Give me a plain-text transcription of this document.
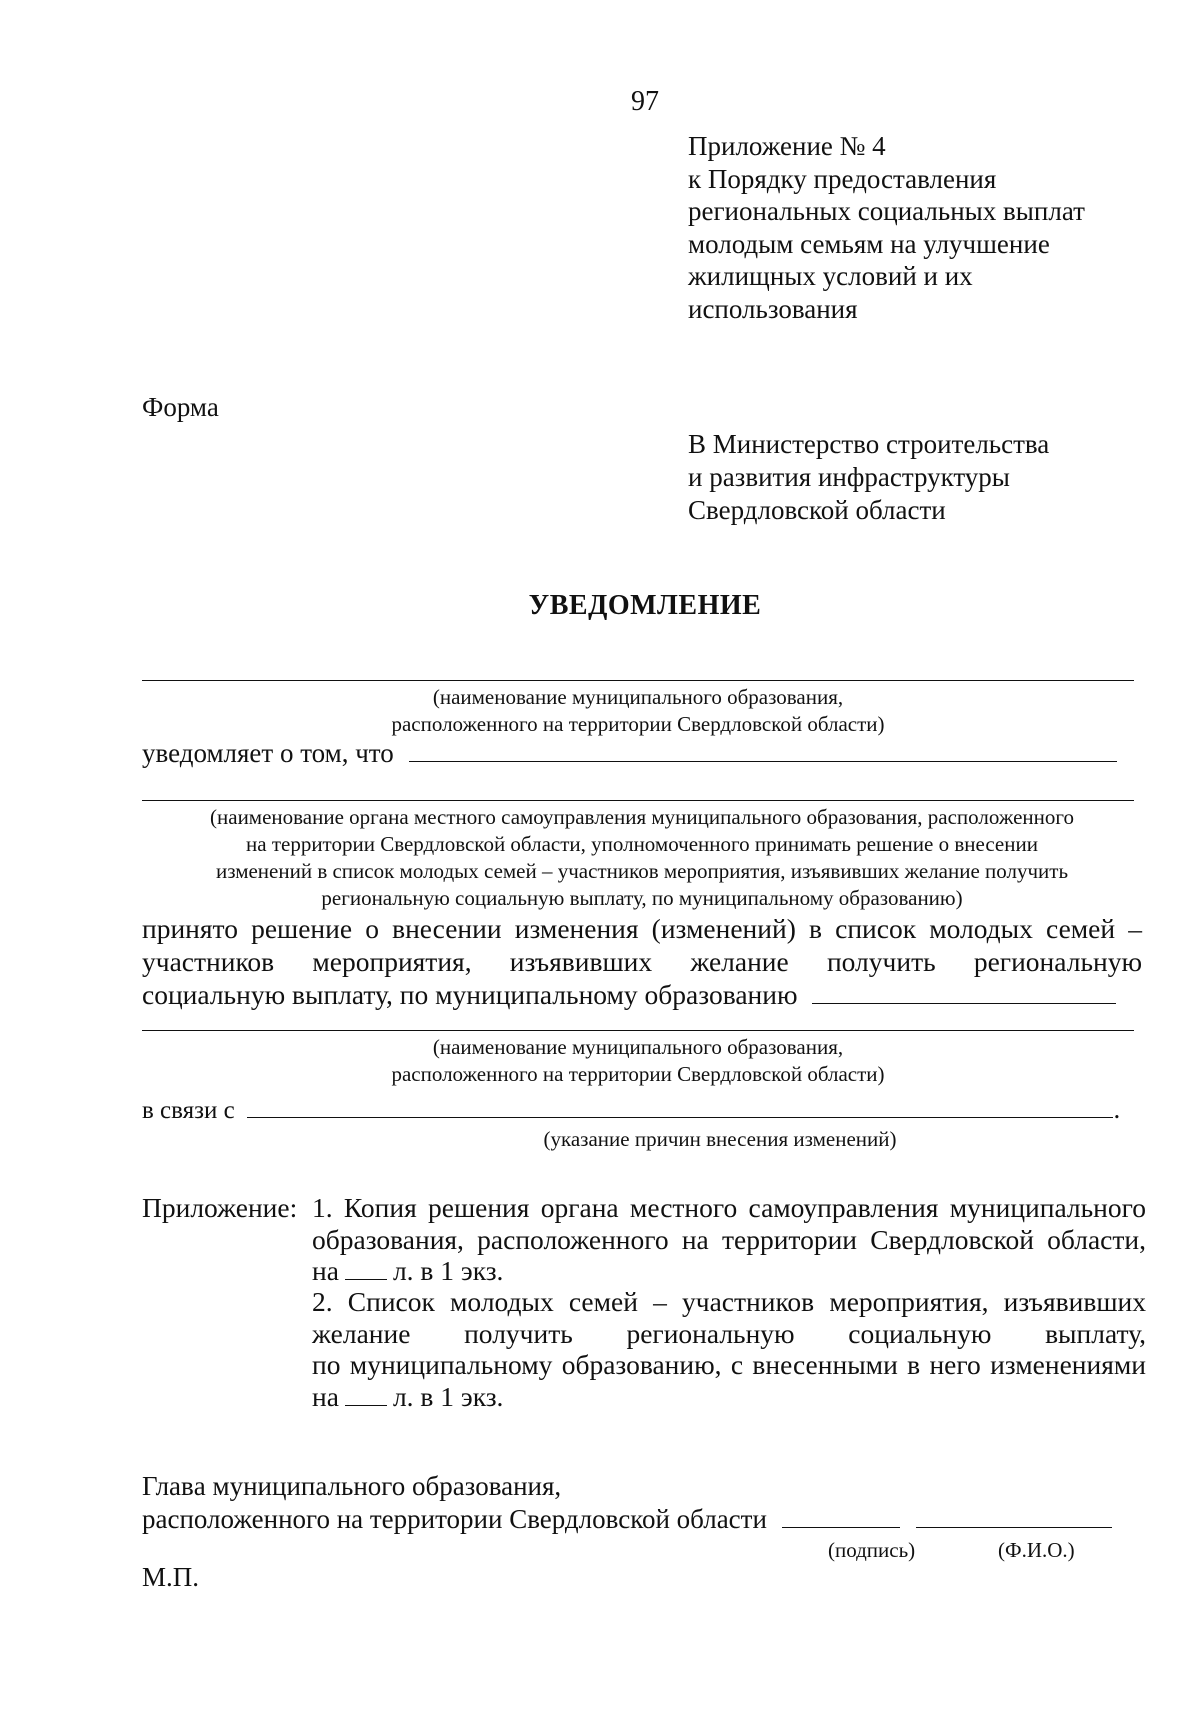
97
Приложение № 4
к Порядку предоставления
региональных социальных выплат
молодым семьям на улучшение
жилищных условий и их
использования
Форма
В Министерство строительства
и развития инфраструктуры
Свердловской области
УВЕДОМЛЕНИЕ
(наименование муниципального образования,
расположенного на территории Свердловской области)
уведомляет о том, что
(наименование органа местного самоуправления муниципального образования, расположенного
на территории Свердловской области, уполномоченного принимать решение о внесении
изменений в список молодых семей – участников мероприятия, изъявивших желание получить
региональную социальную выплату, по муниципальному образованию)
принято решение о внесении изменения (изменений) в список молодых семей –
участников мероприятия, изъявивших желание получить региональную
социальную выплату, по муниципальному образованию
(наименование муниципального образования,
расположенного на территории Свердловской области)
в связи с	.
(указание причин внесения изменений)
Приложение: 1. Копия решения органа местного самоуправления муниципального
образования, расположенного на территории Свердловской области,
на л. в 1 экз.
2. Список молодых семей – участников мероприятия, изъявивших
желание получить региональную социальную выплату,
по муниципальному образованию, с внесенными в него изменениями
на л. в 1 экз.
Главa муниципального образования,
расположенного на территории Свердловской области
(подпись)	(Ф.И.О.)
М.П.
